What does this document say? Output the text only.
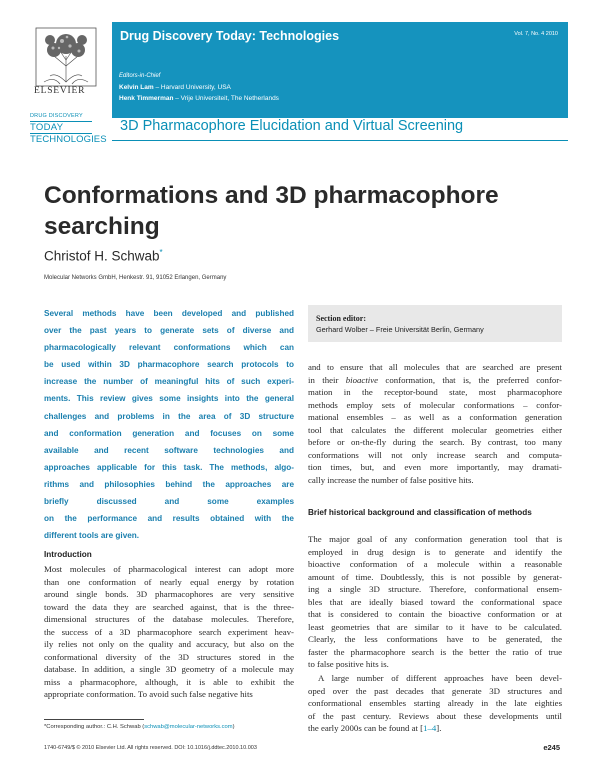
ELSEVIER
DRUG DISCOVERY
TODAY
TECHNOLOGIES
Drug Discovery Today: Technologies	Vol. 7, No. 4 2010
Editors-in-Chief
Kelvin Lam – Harvard University, USA
Henk Timmerman – Vrije Universiteit, The Netherlands
3D Pharmacophore Elucidation and Virtual Screening
Conformations and 3D pharmacophore searching
Christof H. Schwab*
Molecular Networks GmbH, Henkestr. 91, 91052 Erlangen, Germany
Several methods have been developed and published
over the past years to generate sets of diverse and
pharmacologically relevant conformations which can
be used within 3D pharmacophore search protocols to
increase the number of meaningful hits of such experi-
ments. This review gives some insights into the general
challenges and problems in the area of 3D structure
and conformation generation and focuses on some
available and recent software technologies and
approaches applicable for this task. The methods, algo-
rithms and philosophies behind the approaches are
briefly discussed and some examples
on the performance and results obtained with the
different tools are given.
Section editor:
Gerhard Wolber – Freie Universität Berlin, Germany
and to ensure that all molecules that are searched are present
in their bioactive conformation, that is, the preferred confor-
mation in the receptor-bound state, most pharmacophore
methods employ sets of molecular conformations – confor-
mational ensembles – as well as a conformation generation
tool that calculates the different molecular geometries either
before or on-the-fly during the search. By contrast, too many
conformations will not only increase search and computa-
tion times, but, and even more importantly, may dramati-
cally increase the number of false positive hits.
Brief historical background and classification of methods
The major goal of any conformation generation tool that is
employed in drug design is to generate and identify the
bioactive conformation of a molecule within a reasonable
amount of time. Doubtlessly, this is not possible by generat-
ing a single 3D structure. Therefore, conformational ensem-
bles that are ideally biased toward the conformational space
that is considered to contain the bioactive conformation or at
least geometries that are similar to it have to be calculated.
Clearly, the less conformations have to be generated, the
faster the pharmacophore search is the better the ratio of true
to false positive hits is.
A large number of different approaches have been devel-
oped over the past decades that generate 3D structures and
conformational ensembles starting already in the late eighties
of the past century. Reviews about these developments until
the early 2000s can be found at [1–4].
Introduction
Most molecules of pharmacological interest can adopt more
than one conformation of nearly equal energy by rotation
around single bonds. 3D pharmacophores are very sensitive
toward the data they are searched against, that is the three-
dimensional structures of the database molecules. Therefore,
the success of a 3D pharmacophore search experiment heav-
ily relies not only on the quality and accuracy, but also on the
conformational diversity of the 3D structures stored in the
database. In addition, a single 3D geometry of a molecule may
miss a pharmacophore, although, it is able to exhibit the
appropriate conformation. To avoid such false negative hits
*Corresponding author.: C.H. Schwab (schwab@molecular-networks.com)
1740-6749/$ © 2010 Elsevier Ltd. All rights reserved. DOI: 10.1016/j.ddtec.2010.10.003	e245
